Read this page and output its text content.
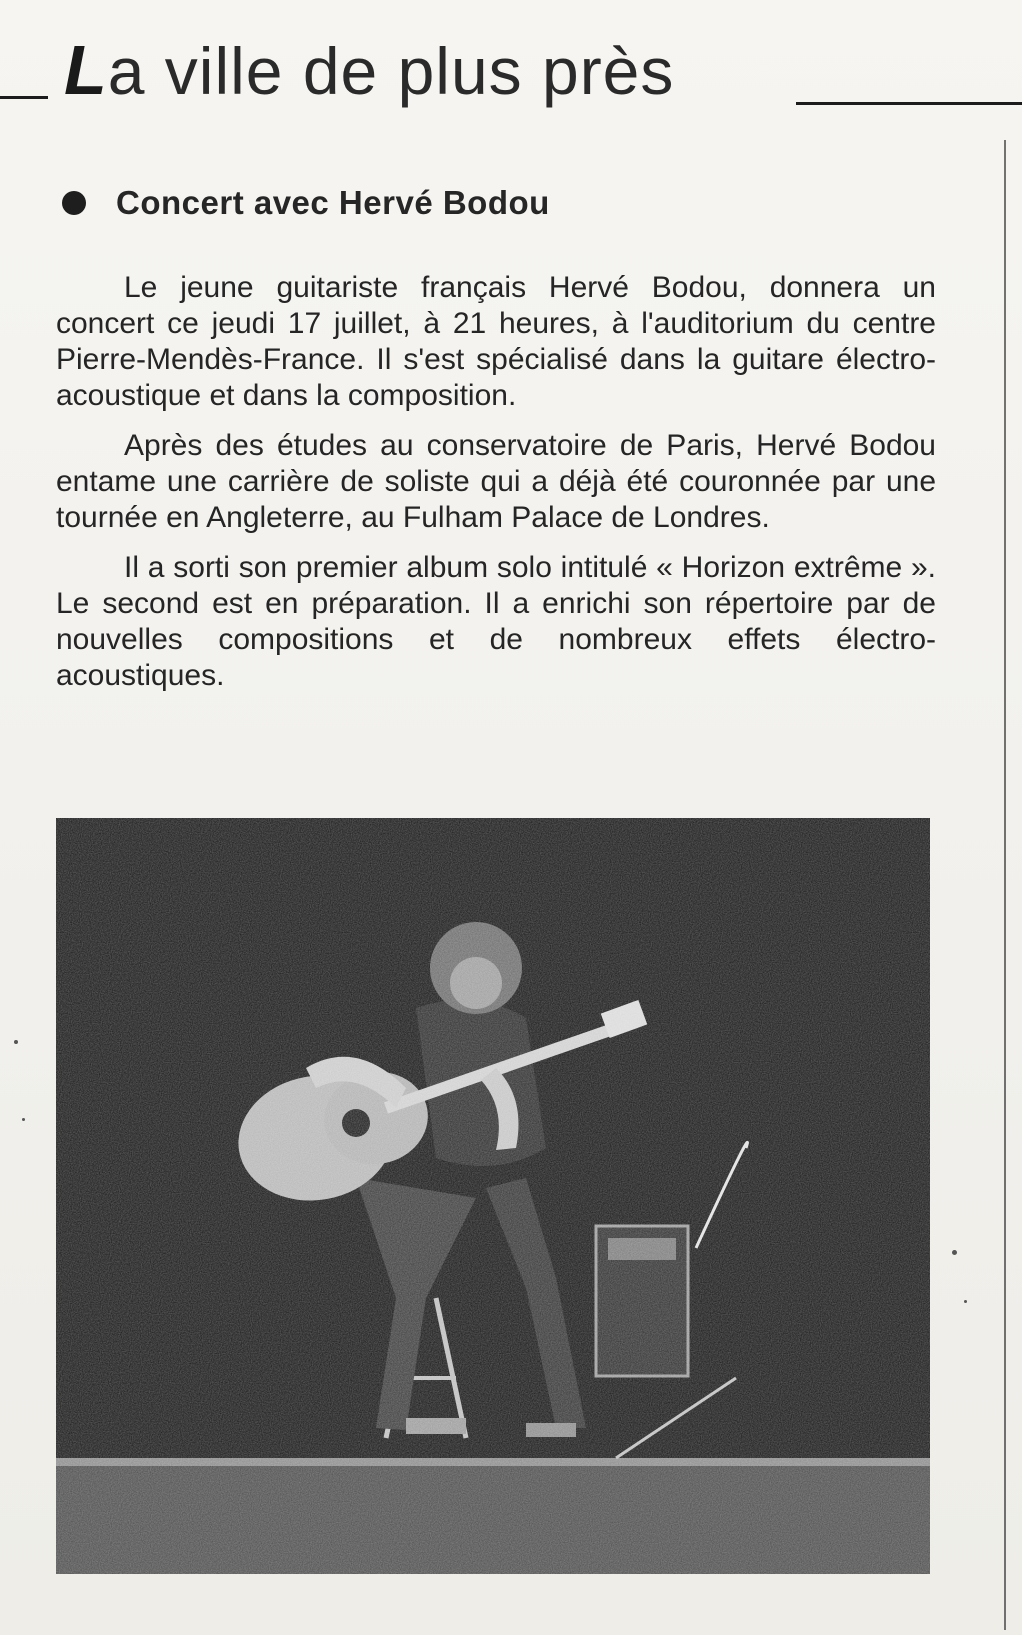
La ville de plus près
Concert avec Hervé Bodou

Le jeune guitariste français Hervé Bodou, donnera un concert ce jeudi 17 juillet, à 21 heures, à l'auditorium du centre Pierre-Mendès-France. Il s'est spécialisé dans la guitare électro-acoustique et dans la composition.

Après des études au conservatoire de Paris, Hervé Bodou entame une carrière de soliste qui a déjà été couronnée par une tournée en Angleterre, au Fulham Palace de Londres.

Il a sorti son premier album solo intitulé « Horizon extrême ». Le second est en préparation. Il a enrichi son répertoire par de nouvelles compositions et de nombreux effets électro-acoustiques.
